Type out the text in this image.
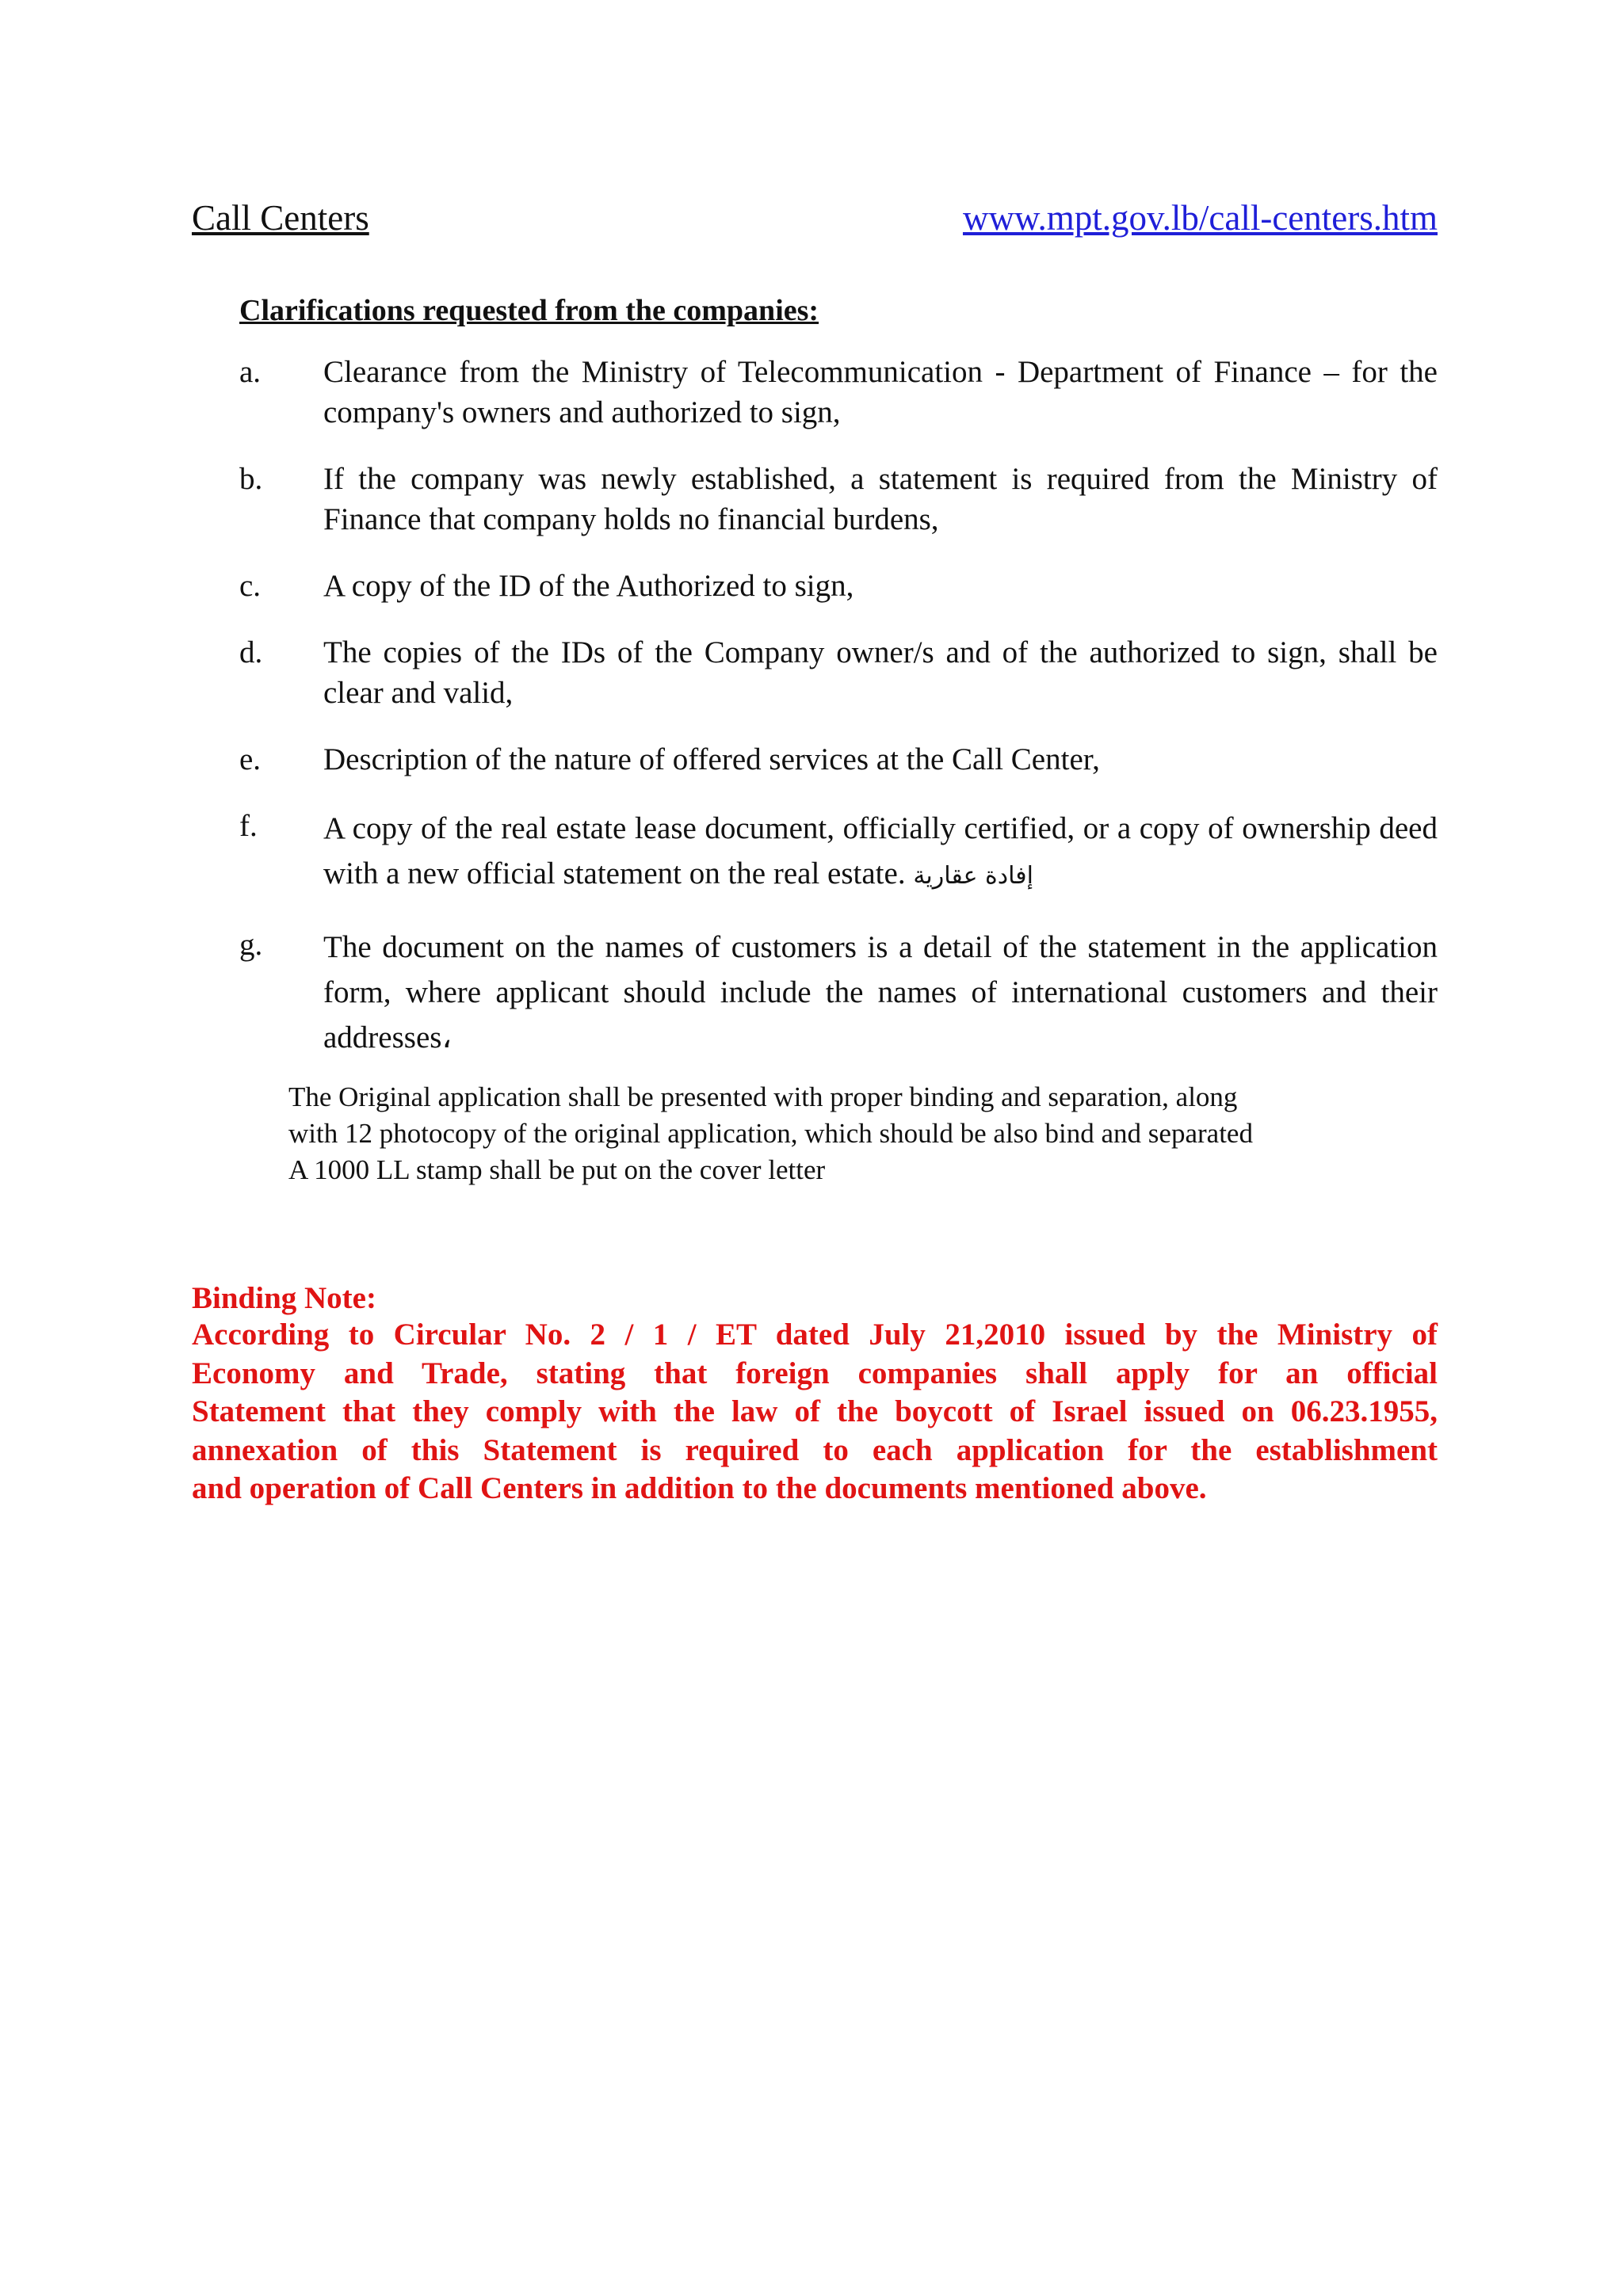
Call Centers	www.mpt.gov.lb/call-centers.htm
Clarifications requested from the companies:
a.	Clearance from the Ministry of Telecommunication - Department of Finance – for the company's owners and authorized to sign,
b.	If the company was newly established, a statement is required from the Ministry of Finance that company holds no financial burdens,
c.	A copy of the ID of the Authorized to sign,
d.	The copies of the IDs of the Company owner/s and of the authorized to sign, shall be clear and valid,
e.	Description of the nature of offered services at the Call Center,
f.	A copy of the real estate lease document, officially certified, or a copy of ownership deed with a new official statement on the real estate. إفادة عقارية
g.	The document on the names of customers is a detail of the statement in the application form, where applicant should include the names of international customers and their addresses،
The Original application shall be presented with proper binding and separation, along
with 12 photocopy of the original application, which should be also bind and separated
A 1000 LL stamp shall be put on the cover letter
Binding Note:
According to Circular No. 2 / 1 / ET dated July 21,2010 issued by the Ministry of
Economy and Trade, stating that foreign companies shall apply for an official
Statement that they comply with the law of the boycott of Israel issued on 06.23.1955,
annexation of this Statement is required to each application for the establishment
and operation of Call Centers in addition to the documents mentioned above.
